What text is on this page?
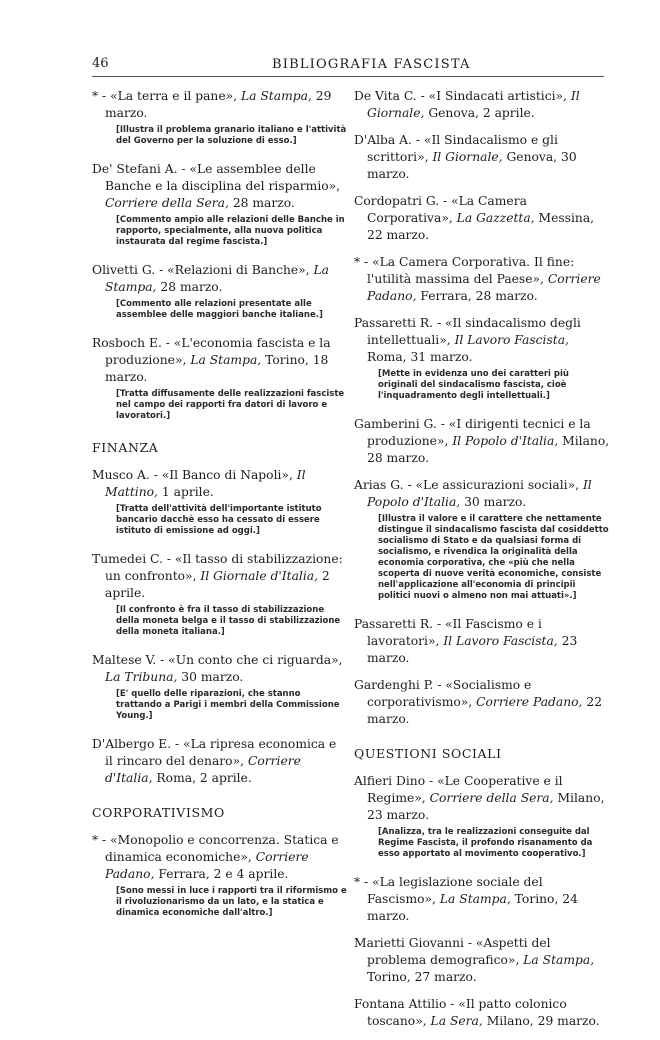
46	BIBLIOGRAFIA FASCISTA

* - «La terra e il pane», La Stampa, 29 marzo.

[Illustra il problema granario italiano e l'attività del Governo per la soluzione di esso.]

De' Stefani A. - «Le assemblee delle Banche e la disciplina del risparmio», Corriere della Sera, 28 marzo.

[Commento ampio alle relazioni delle Banche in rapporto, specialmente, alla nuova politica instaurata dal regime fascista.]

Olivetti G. - «Relazioni di Banche», La Stampa, 28 marzo.

[Commento alle relazioni presentate alle assemblee delle maggiori banche italiane.]

Rosboch E. - «L'economia fascista e la produzione», La Stampa, Torino, 18 marzo.

[Tratta diffusamente delle realizzazioni fasciste nel campo dei rapporti fra datori di lavoro e lavoratori.]
FINANZA

Musco A. - «Il Banco di Napoli», Il Mattino, 1 aprile.

[Tratta dell'attività dell'importante istituto bancario dacchè esso ha cessato di essere istituto di emissione ad oggi.]

Tumedei C. - «Il tasso di stabilizzazione: un confronto», Il Giornale d'Italia, 2 aprile.

[Il confronto è fra il tasso di stabilizzazione della moneta belga e il tasso di stabilizzazione della moneta italiana.]

Maltese V. - «Un conto che ci riguarda», La Tribuna, 30 marzo.

[E' quello delle riparazioni, che stanno trattando a Parigi i membri della Commissione Young.]

D'Albergo E. - «La ripresa economica e il rincaro del denaro», Corriere d'Italia, Roma, 2 aprile.

CORPORATIVISMO

* - «Monopolio e concorrenza. Statica e dinamica economiche», Corriere Padano, Ferrara, 2 e 4 aprile.

[Sono messi in luce i rapporti tra il riformismo e il rivoluzionarismo da un lato, e la statica e dinamica economiche dall'altro.]

De Vita C. - «I Sindacati artistici», Il Giornale, Genova, 2 aprile.

D'Alba A. - «Il Sindacalismo e gli scrittori», Il Giornale, Genova, 30 marzo.

Cordopatri G. - «La Camera Corporativa», La Gazzetta, Messina, 22 marzo.

* - «La Camera Corporativa. Il fine: l'utilità massima del Paese», Corriere Padano, Ferrara, 28 marzo.

Passaretti R. - «Il sindacalismo degli intellettuali», Il Lavoro Fascista, Roma, 31 marzo.

[Mette in evidenza uno dei caratteri più originali del sindacalismo fascista, cioè l'inquadramento degli intellettuali.]

Gamberini G. - «I dirigenti tecnici e la produzione», Il Popolo d'Italia, Milano, 28 marzo.

Arias G. - «Le assicurazioni sociali», Il Popolo d'Italia, 30 marzo.

[Illustra il valore e il carattere che nettamente distingue il sindacalismo fascista dal cosiddetto socialismo di Stato e da qualsiasi forma di socialismo, e rivendica la originalità della economia corporativa, che «più che nella scoperta di nuove verità economiche, consiste nell'applicazione all'economia di principii politici nuovi o almeno non mai attuati».]

Passaretti R. - «Il Fascismo e i lavoratori», Il Lavoro Fascista, 23 marzo.

Gardenghi P. - «Socialismo e corporativismo», Corriere Padano, 22 marzo.

QUESTIONI SOCIALI

Alfieri Dino - «Le Cooperative e il Regime», Corriere della Sera, Milano, 23 marzo.

[Analizza, tra le realizzazioni conseguite dal Regime Fascista, il profondo risanamento da esso apportato al movimento cooperativo.]

* - «La legislazione sociale del Fascismo», La Stampa, Torino, 24 marzo.

Marietti Giovanni - «Aspetti del problema demografico», La Stampa, Torino, 27 marzo.

Fontana Attilio - «Il patto colonico toscano», La Sera, Milano, 29 marzo.
